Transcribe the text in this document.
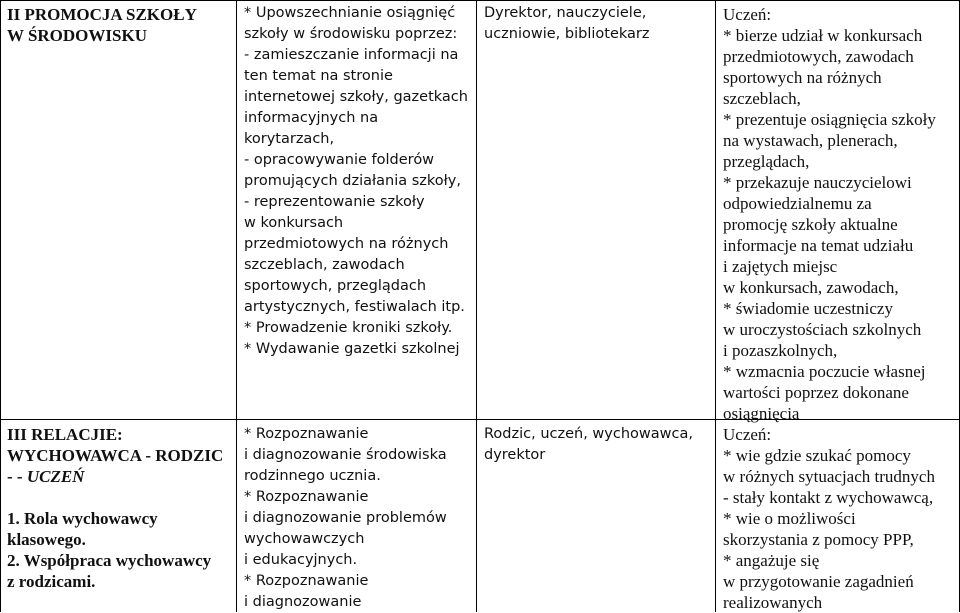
II PROMOCJA SZKOŁY
W ŚRODOWISKU
* Upowszechnianie osiągnięć
szkoły w środowisku poprzez:
- zamieszczanie informacji na
ten temat na stronie
internetowej szkoły, gazetkach
informacyjnych na
korytarzach,
- opracowywanie folderów
promujących działania szkoły,
- reprezentowanie szkoły
w konkursach
przedmiotowych na różnych
szczeblach, zawodach
sportowych, przeglądach
artystycznych, festiwalach itp.
* Prowadzenie kroniki szkoły.
* Wydawanie gazetki szkolnej
Dyrektor, nauczyciele,
uczniowie, bibliotekarz
Uczeń:
* bierze udział w konkursach
przedmiotowych, zawodach
sportowych na różnych
szczeblach,
* prezentuje osiągnięcia szkoły
na wystawach, plenerach,
przeglądach,
* przekazuje nauczycielowi
odpowiedzialnemu za
promocję szkoły aktualne
informacje na temat udziału
i zajętych miejsc
w konkursach, zawodach,
* świadomie uczestniczy
w uroczystościach szkolnych
i pozaszkolnych,
* wzmacnia poczucie własnej
wartości poprzez dokonane
osiągnięcia
III RELACJIE:
WYCHOWAWCA - RODZIC
- - UCZEŃ
1. Rola wychowawcy
klasowego.
2. Współpraca wychowawcy
z rodzicami.
* Rozpoznawanie
i diagnozowanie środowiska
rodzinnego ucznia.
* Rozpoznawanie
i diagnozowanie problemów
wychowawczych
i edukacyjnych.
* Rozpoznawanie
i diagnozowanie
Rodzic, uczeń, wychowawca,
dyrektor
Uczeń:
* wie gdzie szukać pomocy
w różnych sytuacjach trudnych
- stały kontakt z wychowawcą,
* wie o możliwości
skorzystania z pomocy PPP,
* angażuje się
w przygotowanie zagadnień
realizowanych
